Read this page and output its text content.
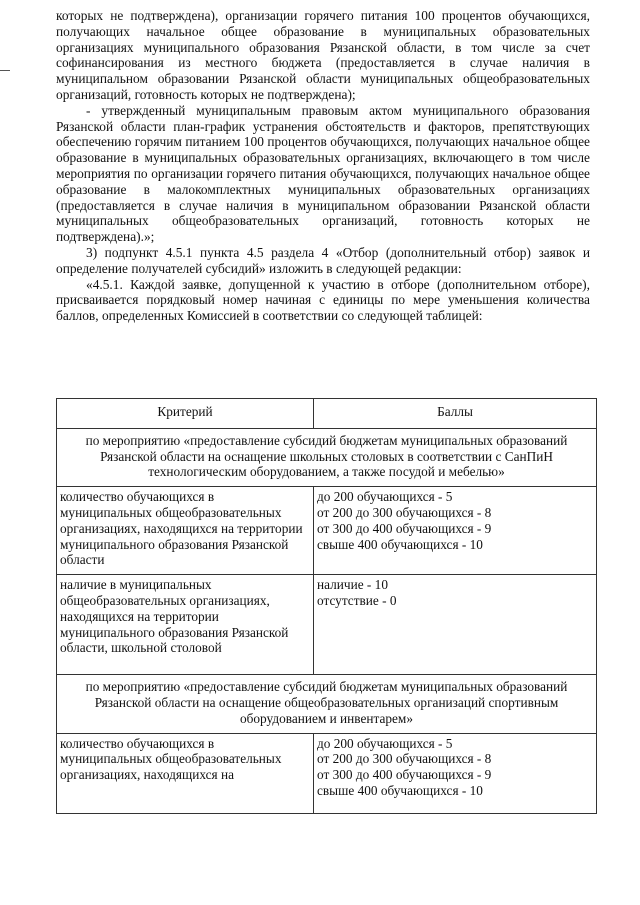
которых не подтверждена), организации горячего питания 100 процентов обучающихся, получающих начальное общее образование в муниципальных образовательных организациях муниципального образования Рязанской области, в том числе за счет софинансирования из местного бюджета (предоставляется в случае наличия в муниципальном образовании Рязанской области муниципальных общеобразовательных организаций, готовность которых не подтверждена);

- утвержденный муниципальным правовым актом муниципального образования Рязанской области план-график устранения обстоятельств и факторов, препятствующих обеспечению горячим питанием 100 процентов обучающихся, получающих начальное общее образование в муниципальных образовательных организациях, включающего в том числе мероприятия по организации горячего питания обучающихся, получающих начальное общее образование в малокомплектных муниципальных образовательных организациях (предоставляется в случае наличия в муниципальном образовании Рязанской области муниципальных общеобразовательных организаций, готовность которых не подтверждена).»;

3) подпункт 4.5.1 пункта 4.5 раздела 4 «Отбор (дополнительный отбор) заявок и определение получателей субсидий» изложить в следующей редакции:

«4.5.1. Каждой заявке, допущенной к участию в отборе (дополнительном отборе), присваивается порядковый номер начиная с единицы по мере уменьшения количества баллов, определенных Комиссией в соответствии со следующей таблицей:

Критерий	Баллы
по мероприятию «предоставление субсидий бюджетам муниципальных образований Рязанской области на оснащение школьных столовых в соответствии с СанПиН технологическим оборудованием, а также посудой и мебелью»	

количество обучающихся в муниципальных общеобразовательных организациях, находящихся на территории муниципального образования Рязанской области	до 200 обучающихся - 5
от 200 до 300 обучающихся - 8
от 300 до 400 обучающихся - 9
свыше 400 обучающихся - 10

наличие в муниципальных общеобразовательных организациях, находящихся на территории муниципального образования Рязанской области, школьной столовой	наличие - 10
отсутствие - 0

по мероприятию «предоставление субсидий бюджетам муниципальных образований Рязанской области на оснащение общеобразовательных организаций спортивным оборудованием и инвентарем»	

количество обучающихся в муниципальных общеобразовательных организациях, находящихся на	до 200 обучающихся - 5
от 200 до 300 обучающихся - 8
от 300 до 400 обучающихся - 9
свыше 400 обучающихся - 10
